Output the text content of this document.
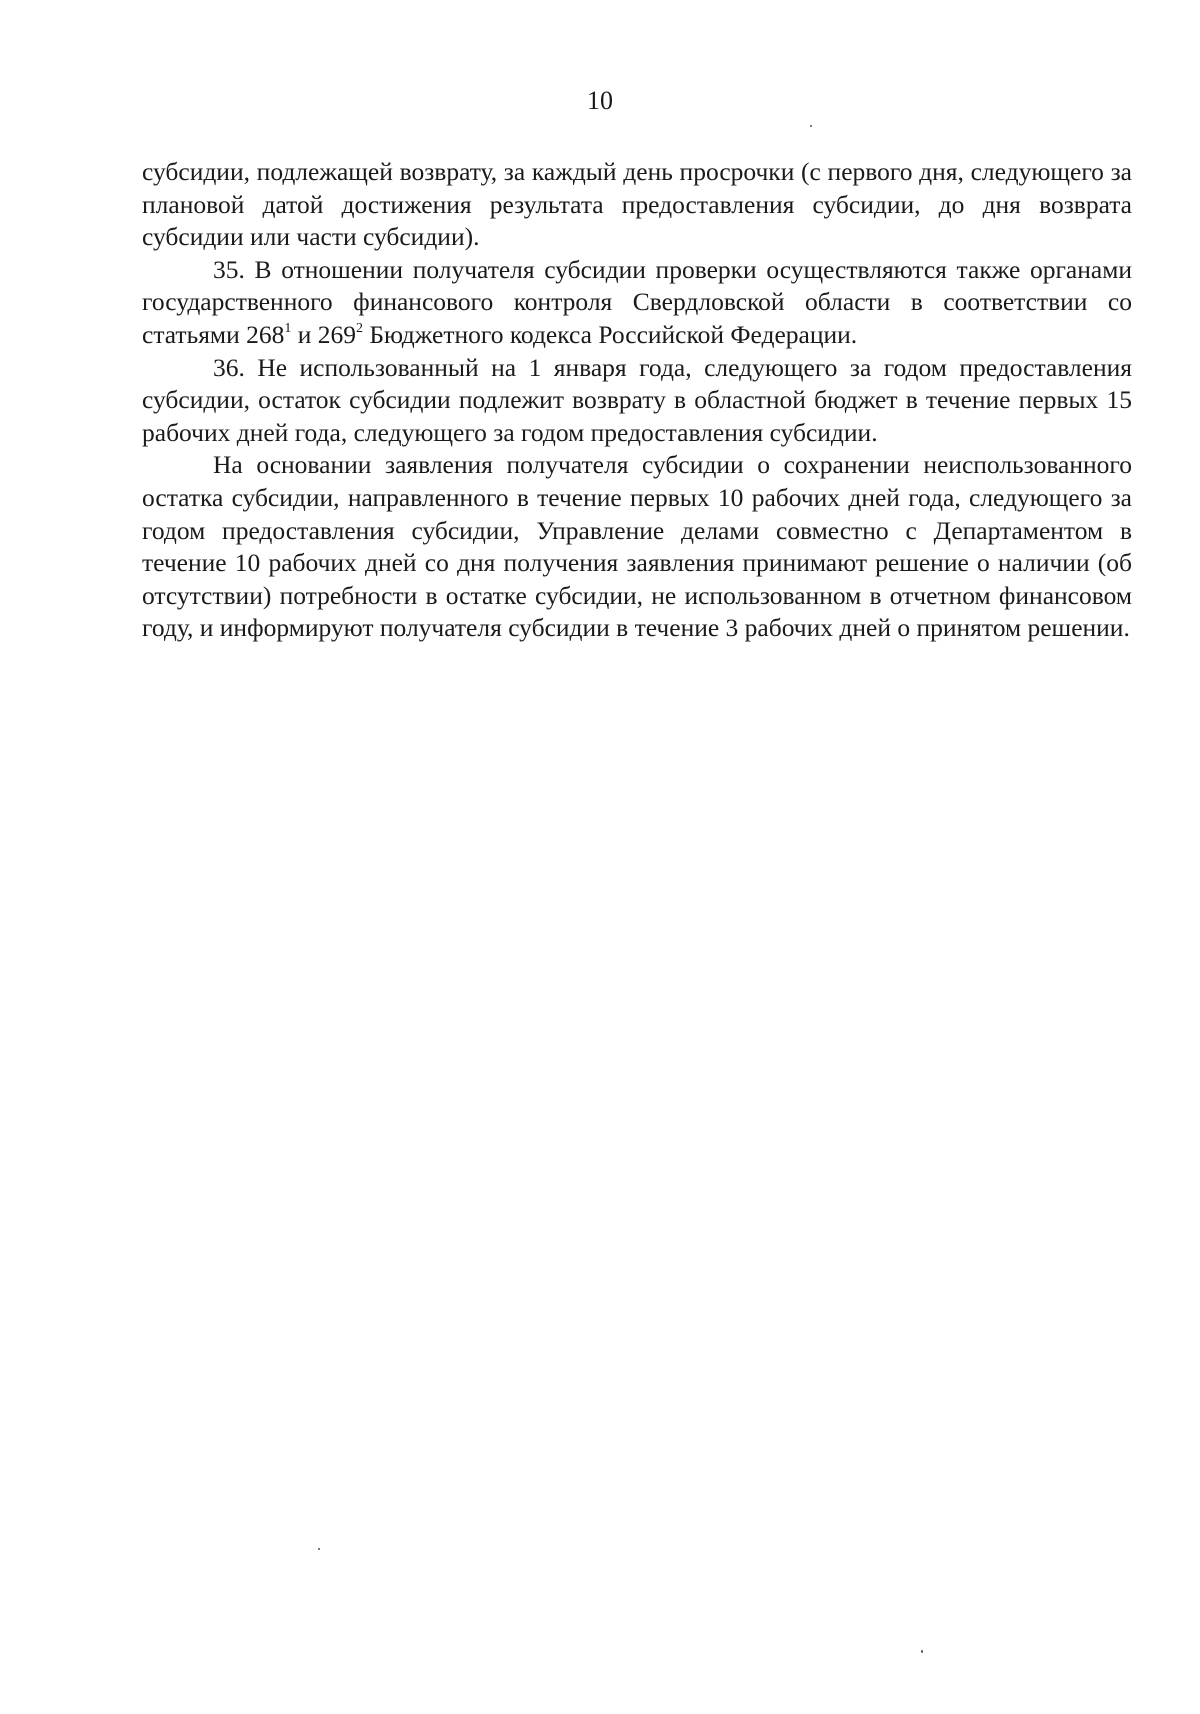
10

субсидии, подлежащей возврату, за каждый день просрочки (с первого дня, следующего за плановой датой достижения результата предоставления субсидии, до дня возврата субсидии или части субсидии).

35. В отношении получателя субсидии проверки осуществляются также органами государственного финансового контроля Свердловской области в соответствии со статьями $268^1$ и $269^2$ Бюджетного кодекса Российской Федерации.

36. Не использованный на 1 января года, следующего за годом предоставления субсидии, остаток субсидии подлежит возврату в областной бюджет в течение первых 15 рабочих дней года, следующего за годом предоставления субсидии.

На основании заявления получателя субсидии о сохранении неиспользованного остатка субсидии, направленного в течение первых 10 рабочих дней года, следующего за годом предоставления субсидии, Управление делами совместно с Департаментом в течение 10 рабочих дней со дня получения заявления принимают решение о наличии (об отсутствии) потребности в остатке субсидии, не использованном в отчетном финансовом году, и информируют получателя субсидии в течение 3 рабочих дней о принятом решении.
